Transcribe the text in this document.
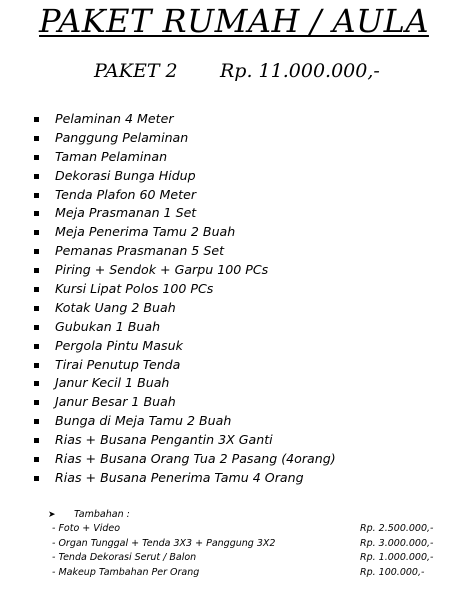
PAKET RUMAH / AULA
PAKET 2 Rp. 11.000.000,-
Pelaminan 4 Meter
Panggung Pelaminan
Taman Pelaminan
Dekorasi Bunga Hidup
Tenda Plafon 60 Meter
Meja Prasmanan 1 Set
Meja Penerima Tamu 2 Buah
Pemanas Prasmanan 5 Set
Piring + Sendok + Garpu 100 PCs
Kursi Lipat Polos 100 PCs
Kotak Uang 2 Buah
Gubukan 1 Buah
Pergola Pintu Masuk
Tirai Penutup Tenda
Janur Kecil 1 Buah
Janur Besar 1 Buah
Bunga di Meja Tamu 2 Buah
Rias + Busana Pengantin 3X Ganti
Rias + Busana Orang Tua 2 Pasang (4orang)
Rias + Busana Penerima Tamu 4 Orang
➤	Tambahan :
- Foto + Video	Rp. 2.500.000,-
- Organ Tunggal + Tenda 3X3 + Panggung 3X2	Rp. 3.000.000,-
- Tenda Dekorasi Serut / Balon	Rp. 1.000.000,-
- Makeup Tambahan Per Orang	Rp. 100.000,-
